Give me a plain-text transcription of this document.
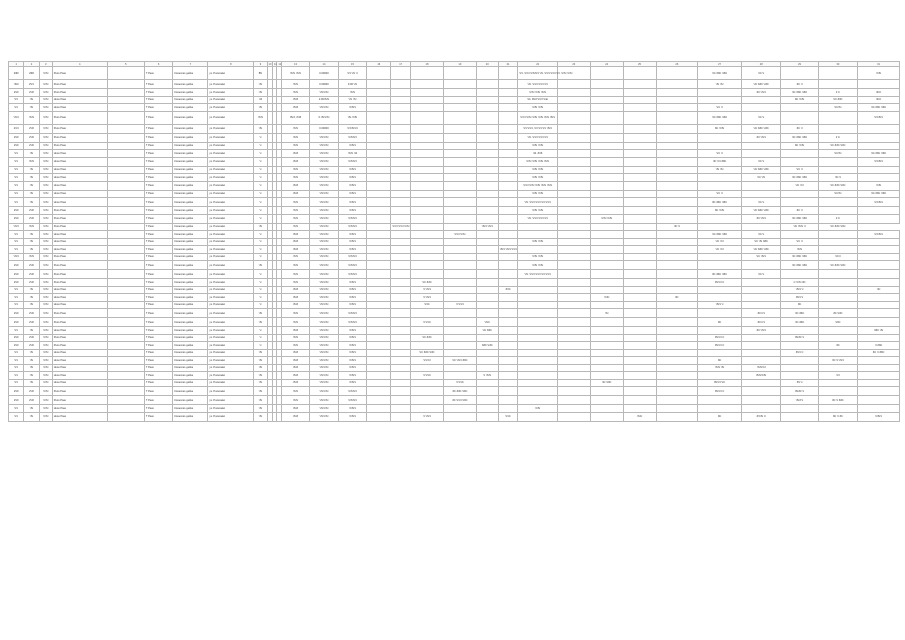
1	2	3	4	5	6	7	8	9	10	11	12	13	14	15	16	17	18	19	20	21	22	23	24	25	26	27	28	29	30	31
2Ф0	2Ф0	ЧЧЧ	Ркоо Роке		Т Реке	Коонхоко дейке	ук. Р.оокомко	ВЧ				ЧЧЧ ЧЧЧ	0.00000	ЧЧ ЧЧ Ч							ЧЧ. ЧЧЧ ЧЧЧЧЧ ЧЧ. ЧЧЧ ЧЧЧ ЧЧ. ЧЧЧ ЧЧЧ					ЧС ЗЗС ЧЗС	ЧС Ч			ЧЧЧ
ЧЧ0	2ЧЧ	ЧЧЧ	Ркоо Роке		Т Реке	Коонхоко дейке	ук. Р.оокомко	ЧЧ				ЧЧЧ	0.00000	0.00 ЧЧ							ЧЧ. ЧЧЧ ЧЧЧ ЧЧ					ЧЧ ЧЧ	ЧС ЗЗС ЧЗС	ЗС Ч		
2Ч0	2Ч0	ЧЧЧ	Ркоо Роке		Т Реке	Коонхоко дейке	ук. Р.оокомко	ЧЧ				ЧЧЧ	ЧЧЧЧЧ	ЧЧЧ							ЧЧЧ ЧЧЧ ЧЧЧ						ЗС ЧЧЧ	ЧС ЗЗС ЧЗС	2 С	ЧСС
ЧЧ	ЧЧ	ЧЧЧ	Нкоо Роке		Т Реке	Коонхоко дейке	ук. Р.оокомко	Ч4				ЗЧЗ	2.00ЧЧЧ	ЧЧ ЧЧ							Ч4. ЗЧЗ ЧЧЧ Ч4о							ЗС ЧЧЧ	ЧС ЗЗС	ЧСС
ЧЧ	ЧЧ	ЧЧЧ	Нкоо Роке		Т Реке	Коонхоко дейке	ук. Р.оокомко	ЧЧ				ЗЧЗ	ЧЧЧЧЧ	ЧЧЧЧ							ЧЧЧ ЧЧЧ					ЧС Ч			ЧСЧЧ	ЧС ЗЗС ЧЗС
ЧЧЧ	ЧЧЧ	ЧЧЧ	Ркоо Роке		Т Реке	Коонхоко дейке	ук. Р.оокомко	ЧЧЧ				ЗЧЗ, ЗЧЗ	0.ЧЧЧЧЧ	ЧЧ.ЧЧЧ							ЧЧЧ ЧЧЧ ЧЧЧ ЧЧЧ ЧЧЧ ЧЧЧ					ЧС ЗЗС ЧЗС	ЧС Ч			ЧЧЧЧЧ
2ЧЧ	2Ч0	ЧЧЧ	Ркоо Роке		Т Реке	Коонхоко дейке	ук. Р.оокомко	ЧЧ				ЧЧЧ	0.00000	ЧЧЧЧЧЧ							ЧЧ ЧЧЧ, ЧЧ ЧЧ ЧЧ ЧЧЧ					ЗС ЧЧЧ	ЧС ЗЗС ЧЗС	ЗС Ч		
2Ч0	2Ч0	ЧЧЧ	Ркоо Роке		Т Реке	Коонхоко дейке	ук. Р.оокомко	Ч				ЧЧЧ	ЧЧЧЧЧ	ЧЧЧЧЧ							ЧЧ. ЧЧЧ ЧЧЧ ЧЧ						ЗС ЧЧЧ	ЧС ЗЗС ЧЗС	2 С	
2Ч0	2Ч0	ЧЧЧ	Ркоо Роке		Т Реке	Коонхоко дейке	ук. Р.оокомко	Ч				ЧЧЧ	ЧЧЧЧЧ	ЧЧЧЧ							ЧЧЧ ЧЧЧ							ЗС ЧЧЧ	ЧС ЗЗС ЧЗС	
ЧЧ	ЧЧ	ЧЧЧ	Нкоо Роке		Т Реке	Коонхоко дейке	ук. Р.оокомко	Ч				ЗЧЗ	ЧЧЧЧЧ	ЧЧЧ Ч4							Ч4. ЗЧЗ					ЧС Ч			ЧСЧЧ	ЧС ЗЗС ЧЗС
ЧЧ	ЧЧЧ	ЧЧЧ	Нкоо Роке		Т Реке	Коонхоко дейке	ук. Р.оокомко	Ч				ЗЧЗ	ЧЧЧЧЧ	ЧЧЧЧЧ							ЧЧЧ ЧЧЧ ЧЧЧ ЧЧЧ					ЧС ЧЧ ЗЗС	ЧС Ч			ЧЧЧЧЧ
ЧЧ	ЧЧ	ЧЧЧ	Нкоо Роке		Т Реке	Коонхоко дейке	ук. Р.оокомко	Ч				ЧЧЧ	ЧЧЧЧЧ	ЧЧЧЧ							ЧЧЧ ЧЧЧ					ЧЧ ЧЧ	ЧС ЗЗС ЧЗС	ЧС Ч		
ЧЧ	ЧЧ	ЧЧЧ	Нкоо Роке		Т Реке	Коонхоко дейке	ук. Р.оокомко	Ч				ЧЧЧ	ЧЧЧЧЧ	ЧЧЧЧ							ЧЧЧ ЧЧЧ						ЧС ЧЧ	ЧС ЗЗС ЧЗС	ЧС Ч	
ЧЧ	ЧЧ	ЧЧЧ	Нкоо Роке		Т Реке	Коонхоко дейке	ук. Р.оокомко	Ч				ЗЧЗ	ЧЧЧЧЧ	ЧЧЧЧ							ЧЧЧ ЧЧЧ ЧЧЧ ЧЧЧ ЧЧЧ							ЧС ЧЧ	ЧС ЗЗС ЧЗС	ЧЧЧ
ЧЧ	ЧЧ	ЧЧЧ	Нкоо Роке		Т Реке	Коонхоко дейке	ук. Р.оокомко	Ч				ЗЧЗ	ЧЧЧЧЧ	ЧЧЧЧ							ЧЧЧ ЧЧЧ					ЧС Ч			ЧСЧЧ	ЧС ЗЗС ЧЗС
ЧЧ	ЧЧ	ЧЧЧ	Нкоо Роке		Т Реке	Коонхоко дейке	ук. Р.оокомко	Ч				ЧЧЧ	ЧЧЧЧЧ	ЧЧЧЧ							ЧЧ. ЧЧЧ ЧЧЧ ЧЧ ЧЧЧ					ЗС ЗЗС ЧЗС	ЧС Ч			ЧЧЧЧЧ
2Ч0	2Ч0	ЧЧЧ	Ркоо Роке		Т Реке	Коонхоко дейке	ук. Р.оокомко	Ч				ЧЧЧ	ЧЧЧЧЧ	ЧЧЧЧ							ЧЧЧ ЧЧЧ					ЗС ЧЧЧ	ЧС ЗЗС ЧЗС	ЗС Ч		
2Ч0	2Ч0	ЧЧЧ	Ркоо Роке		Т Реке	Коонхоко дейке	ук. Р.оокомко	Ч				ЧЧЧ	ЧЧЧЧЧ	ЧЧЧЧЧ							ЧЧ. ЧЧЧ ЧЧЧ ЧЧ		ЧЧЧ ЧЧЧ				ЗС ЧЧЧ	ЧС ЗЗС ЧЗС	2 С	
ЧЧЧ	ЧЧЧ	ЧЧЧ	Ркоо Роке		Т Реке	Коонхоко дейке	ук. Р.оокомко	ЧЧ				ЧЧЧ	ЧЧЧЧЧ	ЧЧЧЧЧ		ЧЧЧ ЧЧЧ ЧЧЧ			ЧЧЧ ЧЧЧ						ЧС Ч			ЧС ЧЧЧ Ч	ЧС ЗЗС ЧЗС	
ЧЧ	ЧЧ	ЧЧЧ	Нкоо Роке		Т Реке	Коонхоко дейке	ук. Р.оокомко	Ч				ЗЧЗ	ЧЧЧЧЧ	ЧЧЧЧ				ЧЧЧ ЧЧЧ								ЧС ЗЗС ЧЗС	ЧС Ч			ЧЧЧЧЧ
ЧЧ	ЧЧ	ЧЧЧ	Нкоо Роке		Т Реке	Коонхоко дейке	ук. Р.оокомко	Ч				ЗЧЗ	ЧЧЧЧЧ	ЧЧЧЧ							ЧЧЧ ЧЧЧ					ЧС ЧЧ	ЧС ЧЧ ЗЗС	ЧС Ч		
ЧЧ	ЧЧ	ЧЧЧ	Нкоо Роке		Т Реке	Коонхоко дейке	ук. Р.оокомко	Ч				ЗЧЗ	ЧЧЧЧЧ	ЧЧЧЧ						ЧЧЧ ЧЧЧ ЧЧЧ						ЧС ЧЧ	ЧС ЗЗС ЧЗС	ЧЧЧ		
ЧЧЧ	ЧЧЧ	ЧЧЧ	Ркоо Роке		Т Реке	Коонхоко дейке	ук. Р.оокомко	Ч				ЧЧЧ	ЧЧЧЧЧ	ЧЧЧЧЧ							ЧЧЧ ЧЧЧ						ЧС ЧЧЧ	ЧС ЗЗС ЧЗС	ЧСЧ	
2Ч0	2Ч0	ЧЧЧ	Ркоо Роке		Т Реке	Коонхоко дейке	ук. Р.оокомко	ЧЧ				ЧЧЧ	ЧЧЧЧЧ	ЧЧЧЧЧ							ЧЧЧ ЧЧЧ							ЧС ЗЗС ЧЗС	ЧС ЗЗС ЧЗС	
2Ч0	2Ч0	ЧЧЧ	Ркоо Роке		Т Реке	Коонхоко дейке	ук. Р.оокомко	Ч				ЧЧЧ	ЧЧЧЧЧ	ЧЧЧЧЧ							ЧЧ. ЧЧЧ ЧЧЧ ЧЧ ЧЧЧ					ЗС ЗЗС ЧЗС	ЧС Ч			
2Ч0	2Ч0	ЧЧЧ	Ркоо Роке		Т Реке	Коонхоко дейке	ук. Р.оокомко	Ч				ЧЧЧ	ЧЧЧЧЧ	ЧЧЧЧ			ЧС ЗЗС									ЗЧЧЧ С		С ЧЧЧ ЗС		
ЧЧ	ЧЧ	ЧЧЧ	Нкоо Роке		Т Реке	Коонхоко дейке	ук. Р.оокомко	Ч				ЗЧЗ	ЧЧЧЧЧ	ЧЧЧЧ			Ч ЧЧЧ			ЗЧС								ЧЧЧ Ч		ЧС
ЧЧ	ЧЧ	ЧЧЧ	Нкоо Роке		Т Реке	Коонхоко дейке	ук. Р.оокомко	Ч				ЗЧЗ	ЧЧЧЧЧ	ЧЧЧЧ			Ч ЧЧЧ						ЧЧС		ЗС			ЗЧЧ Ч		
ЧЧ	ЧЧ	ЧЧЧ	Нкоо Роке		Т Реке	Коонхоко дейке	ук. Р.оокомко	Ч				ЗЧЗ	ЧЧЧЧЧ	ЧЧЧЧ			ЧЧС	Ч ЧЧЧ								ЧЧЧ Ч		ЗС		
2Ч0	2Ч0	ЧЧЧ	Ркоо Роке		Т Реке	Коонхоко дейке	ук. Р.оокомко	ЧЧ				ЧЧЧ	ЧЧЧЧЧ	ЧЧЧЧЧ									ЧЧ				ЗСЧ Ч	ЧС ЗЗС	ЗС ЧЗС	
2Ч0	2Ч0	ЧЧЧ	Ркоо Роке		Т Реке	Коонхоко дейке	ук. Р.оокомко	ЧЧ				ЧЧЧ	ЧЧЧЧЧ	ЧЧЧЧЧ			Ч ЧЧС		ЧЧС							ЗС	ЗСЧ Ч	ЧС ЗЗС	ЧЗС	
ЧЧ	ЧЧ	ЧЧЧ	Нкоо Роке		Т Реке	Коонхоко дейке	ук. Р.оокомко	Ч				ЗЧЗ	ЧЧЧЧЧ	ЧЧЧЧ					ЧС ЗЗС								ЗС ЧЧЧ			ЧЗС ЧЧ
2Ч0	2Ч0	ЧЧЧ	Ркоо Роке		Т Реке	Коонхоко дейке	ук. Р.оокомко	Ч				ЧЧЧ	ЧЧЧЧЧ	ЧЧЧЧ			ЧС ЗЗС									ЗЧЧЧ С		ЗЧЗС Ч		
2Ч0	2Ч0	ЧЧЧ	Ркоо Роке		Т Реке	Коонхоко дейке	ук. Р.оокомко	Ч				ЧЧЧ	ЧЧЧЧЧ	ЧЧЧЧ					ЗЗС ЧЗС							ЗЧЧЧ С			ЗС	Ч ЗЗС
ЧЧ	ЧЧ	ЧЧЧ	Нкоо Роке		Т Реке	Коонхоко дейке	ук. Р.оокомко	ЧЧ				ЗЧЗ	ЧЧЧЧЧ	ЧЧЧЧ			ЧС ЗЗС ЧЗС											ЗЧЧ С		ЗС Ч ЗЗС
ЧЧ	ЧЧ	ЧЧЧ	Нкоо Роке		Т Реке	Коонхоко дейке	ук. Р.оокомко	ЧЧ				ЗЧЗ	ЧЧЧЧЧ	ЧЧЧЧ			ЧЧЧЧ	ЧС ЧЧЧ ЗЗС								ЗС			ЧС Ч ЧЧЧ	
ЧЧ	ЧЧ	ЧЧЧ	Нкоо Роке		Т Реке	Коонхоко дейке	ук. Р.оокомко	ЧЧ				ЗЧЗ	ЧЧЧЧЧ	ЧЧЧЧ												ЧЧЧ ЧЧ	ЧЧЧЧЧ			
ЧЧ	ЧЧ	ЧЧЧ	Нкоо Роке		Т Реке	Коонхоко дейке	ук. Р.оокомко	ЧЧ				ЗЧЗ	ЧЧЧЧЧ	ЧЧЧЧ			Ч ЧЧС		Ч ЧЧЧ								ЗЧЧЧЧЧ		ЧЧ	
ЧЧ	ЧЧ	ЧЧЧ	Нкоо Роке		Т Реке	Коонхоко дейке	ук. Р.оокомко	ЧЧ				ЗЧЗ	ЧЧЧЧЧ	ЧЧЧЧ				Ч ЧЧС					ЧС ЧЗС			ЗЧЧЧ ЧС		ЗЧ Ч		
2Ч0	2Ч0	ЧЧЧ	Ркоо Роке		Т Реке	Коонхоко дейке	ук. Р.оокомко	ЧЧ				ЧЧЧ	ЧЧЧЧЧ	ЧЧЧЧЧ				ЗС ЗЗС ЧЗС								ЗЧЧЧ С		ЗЧЗС Ч		
2Ч0	2Ч0	ЧЧЧ	Ркоо Роке		Т Реке	Коонхоко дейке	ук. Р.оокомко	ЧЧ				ЧЧЧ	ЧЧЧЧЧ	ЧЧЧЧЧ				ЗС ЧЧЧ ЧЗС										ЧЧЗ Ч	ЗС Ч ЗЗС	
ЧЧ	ЧЧ	ЧЧЧ	Нкоо Роке		Т Реке	Коонхоко дейке	ук. Р.оокомко	ЧЧ				ЗЧЗ	ЧЧЧЧЧ	ЧЧЧЧ							ЧЧЧ									
ЧЧ	ЧЧ	ЧЧЧ	Нкоо Роке		Т Реке	Коонхоко дейке	ук. Р.оокомко	ЧЧ				ЗЧЗ	ЧЧЧЧЧ	ЧЧЧЧ			Ч ЧЧЧ			ЧЧС				ЧЧС		ЗС	ЗЧЧЧ С		ЗС Ч ЗС	ЧЧЧЧ
